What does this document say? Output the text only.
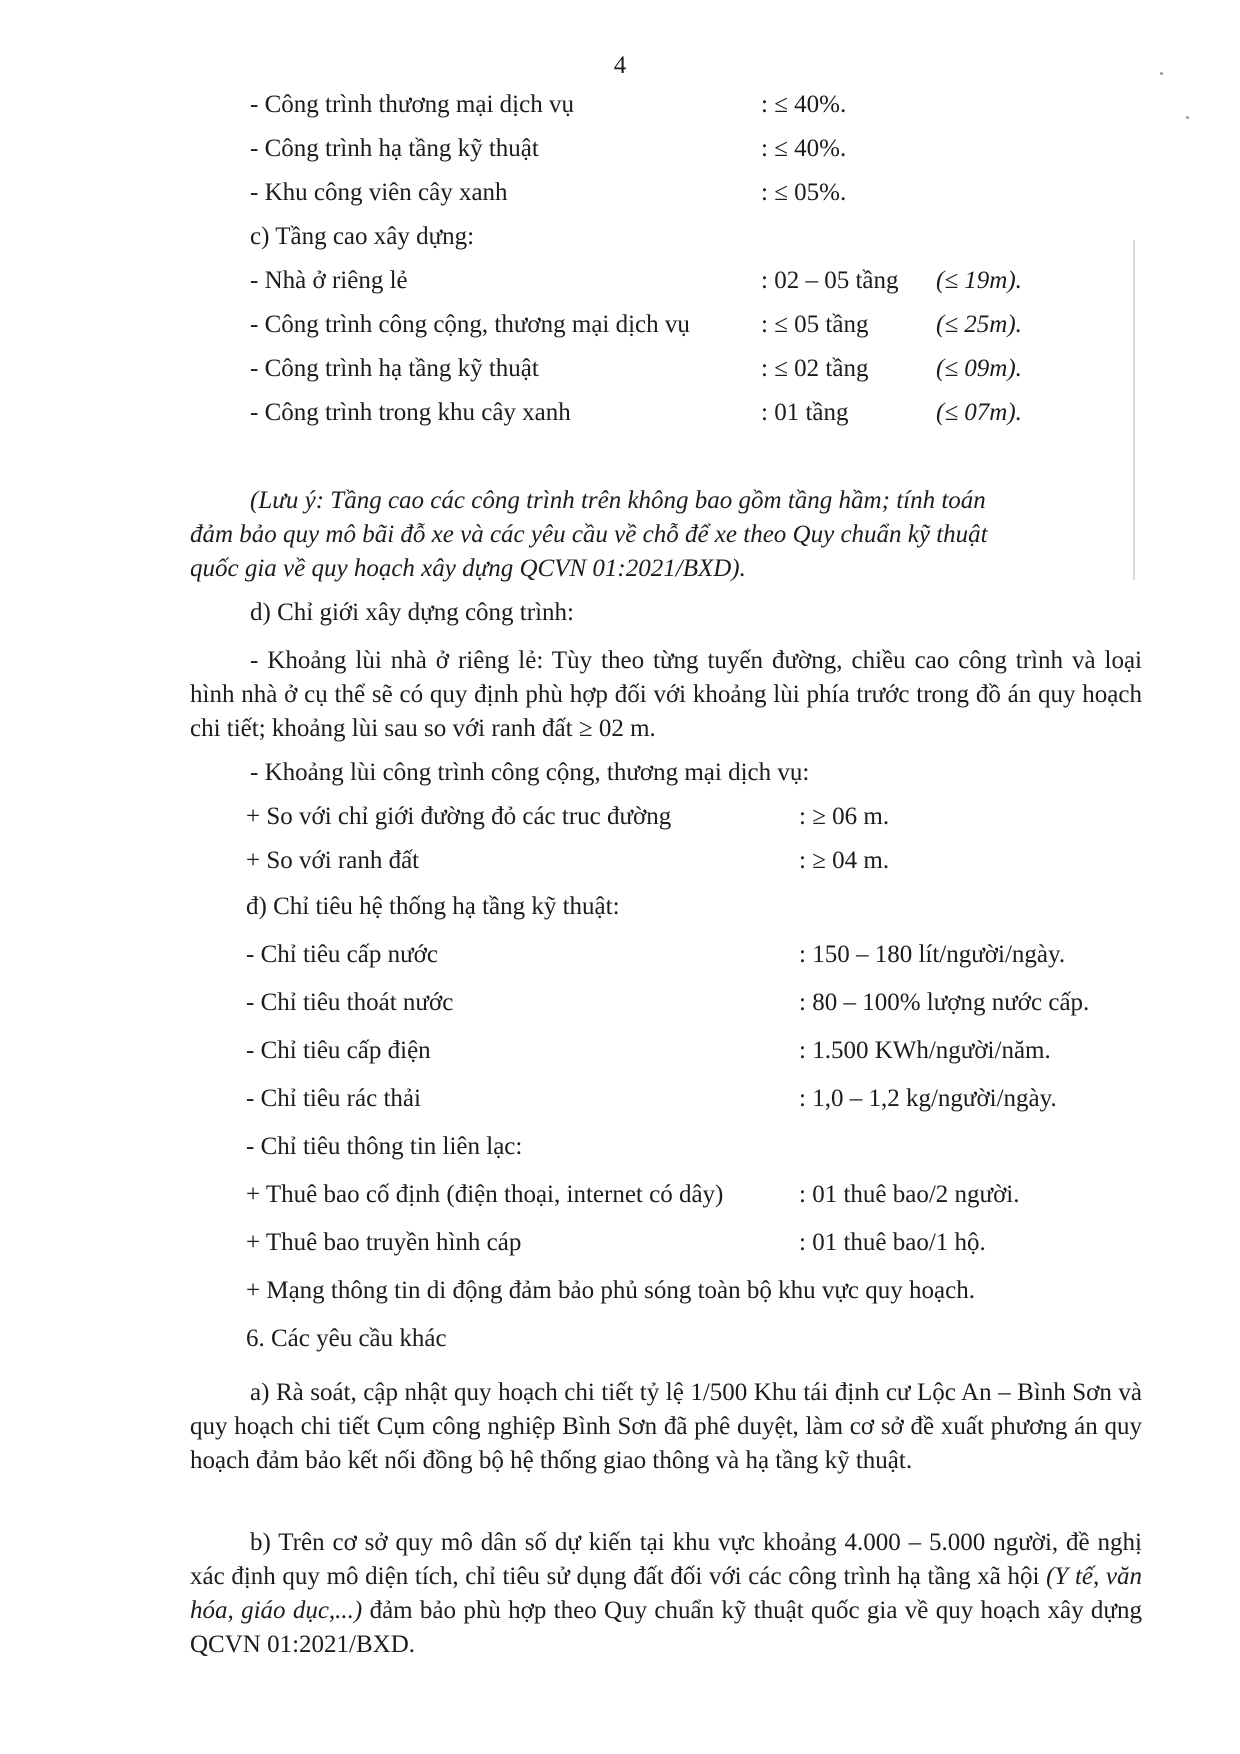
4
- Công trình thương mại dịch vụ	: ≤ 40%.
- Công trình hạ tầng kỹ thuật	: ≤ 40%.
- Khu công viên cây xanh	: ≤ 05%.
c) Tầng cao xây dựng:
- Nhà ở riêng lẻ	: 02 – 05 tầng (≤ 19m).
- Công trình công cộng, thương mại dịch vụ	: ≤ 05 tầng	(≤ 25m).
- Công trình hạ tầng kỹ thuật	: ≤ 02 tầng	(≤ 09m).
- Công trình trong khu cây xanh	: 01 tầng	(≤ 07m).
(Lưu ý: Tầng cao các công trình trên không bao gồm tầng hầm; tính toán
đảm bảo quy mô bãi đỗ xe và các yêu cầu về chỗ để xe theo Quy chuẩn kỹ thuật
quốc gia về quy hoạch xây dựng QCVN 01:2021/BXD).
d) Chỉ giới xây dựng công trình:
- Khoảng lùi nhà ở riêng lẻ: Tùy theo từng tuyến đường, chiều cao công trình và loại hình nhà ở cụ thể sẽ có quy định phù hợp đối với khoảng lùi phía trước trong đồ án quy hoạch chi tiết; khoảng lùi sau so với ranh đất ≥ 02 m.
- Khoảng lùi công trình công cộng, thương mại dịch vụ:
+ So với chỉ giới đường đỏ các truc đường	: ≥ 06 m.
+ So với ranh đất	: ≥ 04 m.
đ) Chỉ tiêu hệ thống hạ tầng kỹ thuật:
- Chỉ tiêu cấp nước	: 150 – 180 lít/người/ngày.
- Chỉ tiêu thoát nước	: 80 – 100% lượng nước cấp.
- Chỉ tiêu cấp điện	: 1.500 KWh/người/năm.
- Chỉ tiêu rác thải	: 1,0 – 1,2 kg/người/ngày.
- Chỉ tiêu thông tin liên lạc:
+ Thuê bao cố định (điện thoại, internet có dây)	: 01 thuê bao/2 người.
+ Thuê bao truyền hình cáp	: 01 thuê bao/1 hộ.
+ Mạng thông tin di động đảm bảo phủ sóng toàn bộ khu vực quy hoạch.
6. Các yêu cầu khác
a) Rà soát, cập nhật quy hoạch chi tiết tỷ lệ 1/500 Khu tái định cư Lộc An – Bình Sơn và quy hoạch chi tiết Cụm công nghiệp Bình Sơn đã phê duyệt, làm cơ sở đề xuất phương án quy hoạch đảm bảo kết nối đồng bộ hệ thống giao thông và hạ tầng kỹ thuật.
b) Trên cơ sở quy mô dân số dự kiến tại khu vực khoảng 4.000 – 5.000 người, đề nghị xác định quy mô diện tích, chỉ tiêu sử dụng đất đối với các công trình hạ tầng xã hội (Y tế, văn hóa, giáo dục,...) đảm bảo phù hợp theo Quy chuẩn kỹ thuật quốc gia về quy hoạch xây dựng QCVN 01:2021/BXD.
